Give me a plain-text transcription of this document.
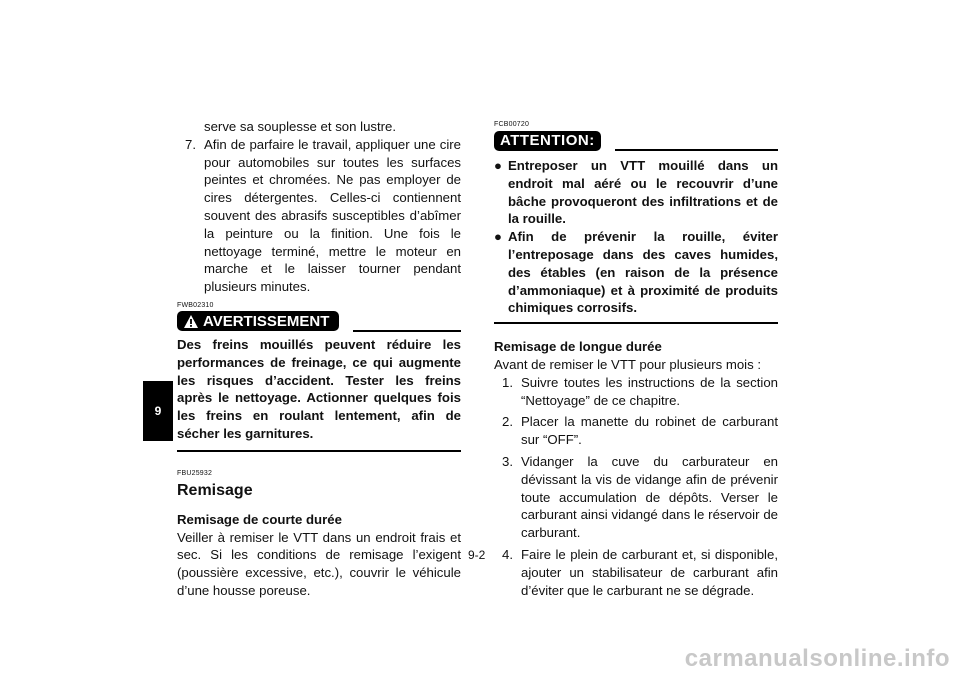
9

serve sa souplesse et son lustre.

7. Afin de parfaire le travail, appliquer une cire pour automobiles sur toutes les surfaces peintes et chromées. Ne pas employer de cires détergentes. Celles-ci contiennent souvent des abrasifs susceptibles d’abîmer la peinture ou la finition. Une fois le nettoyage terminé, mettre le moteur en marche et le laisser tourner pendant plusieurs minutes.
FWB02310
AVERTISSEMENT
Des freins mouillés peuvent réduire les performances de freinage, ce qui augmente les risques d’accident. Tester les freins après le nettoyage. Actionner quelques fois les freins en roulant lentement, afin de sécher les garnitures.
FBU25932
Remisage
Remisage de courte durée

Veiller à remiser le VTT dans un endroit frais et sec. Si les conditions de remisage l’exigent (poussière excessive, etc.), couvrir le véhicule d’une housse poreuse.

FCB00720
ATTENTION:
● Entreposer un VTT mouillé dans un endroit mal aéré ou le recouvrir d’une bâche provoqueront des infiltrations et de la rouille.
● Afin de prévenir la rouille, éviter l’entreposage dans des caves humides, des étables (en raison de la présence d’ammoniaque) et à proximité de produits chimiques corrosifs.
Remisage de longue durée

Avant de remiser le VTT pour plusieurs mois :

1. Suivre toutes les instructions de la section “Nettoyage” de ce chapitre.
2. Placer la manette du robinet de carburant sur “OFF”.
3. Vidanger la cuve du carburateur en dévissant la vis de vidange afin de prévenir toute accumulation de dépôts. Verser le carburant ainsi vidangé dans le réservoir de carburant.
4. Faire le plein de carburant et, si disponible, ajouter un stabilisateur de carburant afin d’éviter que le carburant ne se dégrade.
9-2
carmanualsonline.info
